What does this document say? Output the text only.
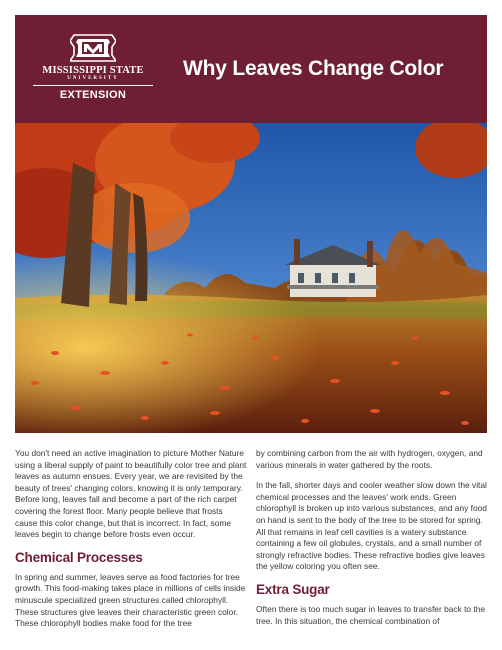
MISSISSIPPI STATE
UNIVERSITY
EXTENSION
Why Leaves Change Color

You don't need an active imagination to picture Mother Nature using a liberal supply of paint to beautifully color tree and plant leaves as autumn ensues. Every year, we are revisited by the beauty of trees' changing colors, knowing it is only temporary. Before long, leaves fall and become a part of the rich carpet covering the forest floor. Many people believe that frosts cause this color change, but that is incorrect. In fact, some leaves begin to change before frosts even occur.

Chemical Processes

In spring and summer, leaves serve as food factories for tree growth. This food-making takes place in millions of cells inside minuscule specialized green structures called chlorophyll. These structures give leaves their characteristic green color. These chlorophyll bodies make food for the tree

by combining carbon from the air with hydrogen, oxygen, and various minerals in water gathered by the roots.

In the fall, shorter days and cooler weather slow down the vital chemical processes and the leaves' work ends. Green chlorophyll is broken up into various substances, and any food on hand is sent to the body of the tree to be stored for spring. All that remains in leaf cell cavities is a watery substance containing a few oil globules, crystals, and a small number of strongly refractive bodies. These refractive bodies give leaves the yellow coloring you often see.

Extra Sugar

Often there is too much sugar in leaves to transfer back to the tree. In this situation, the chemical combination of
